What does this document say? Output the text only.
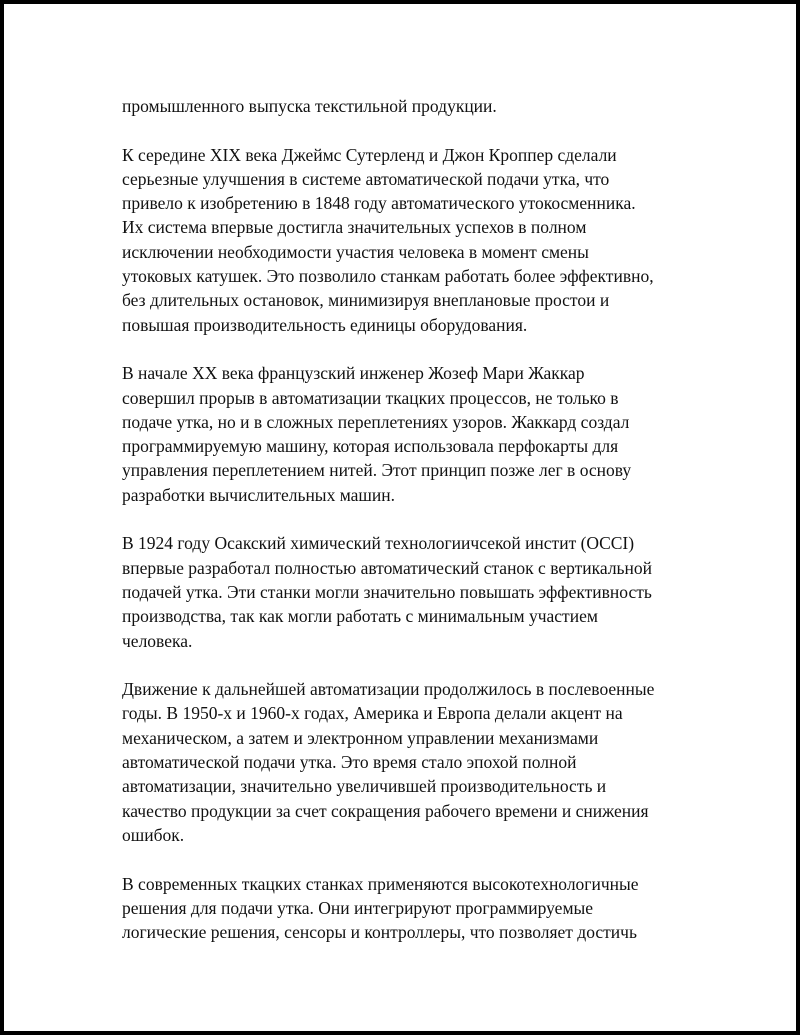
промышленного выпуска текстильной продукции.

К середине XIX века Джеймс Сутерленд и Джон Кроппер сделали
серьезные улучшения в системе автоматической подачи утка, что
привело к изобретению в 1848 году автоматического утокосменника.
Их система впервые достигла значительных успехов в полном
исключении необходимости участия человека в момент смены
утоковых катушек. Это позволило станкам работать более эффективно,
без длительных остановок, минимизируя внеплановые простои и
повышая производительность единицы оборудования.

В начале XX века французский инженер Жозеф Мари Жаккар
совершил прорыв в автоматизации ткацких процессов, не только в
подаче утка, но и в сложных переплетениях узоров. Жаккард создал
программируемую машину, которая использовала перфокарты для
управления переплетением нитей. Этот принцип позже лег в основу
разработки вычислительных машин.

В 1924 году Осакский химический технологиичсекой инстит (OCCI)
впервые разработал полностью автоматический станок с вертикальной
подачей утка. Эти станки могли значительно повышать эффективность
производства, так как могли работать с минимальным участием
человека.

Движение к дальнейшей автоматизации продолжилось в послевоенные
годы. В 1950-х и 1960-х годах, Америка и Европа делали акцент на
механическом, а затем и электронном управлении механизмами
автоматической подачи утка. Это время стало эпохой полной
автоматизации, значительно увеличившей производительность и
качество продукции за счет сокращения рабочего времени и снижения
ошибок.

В современных ткацких станках применяются высокотехнологичные
решения для подачи утка. Они интегрируют программируемые
логические решения, сенсоры и контроллеры, что позволяет достичь
